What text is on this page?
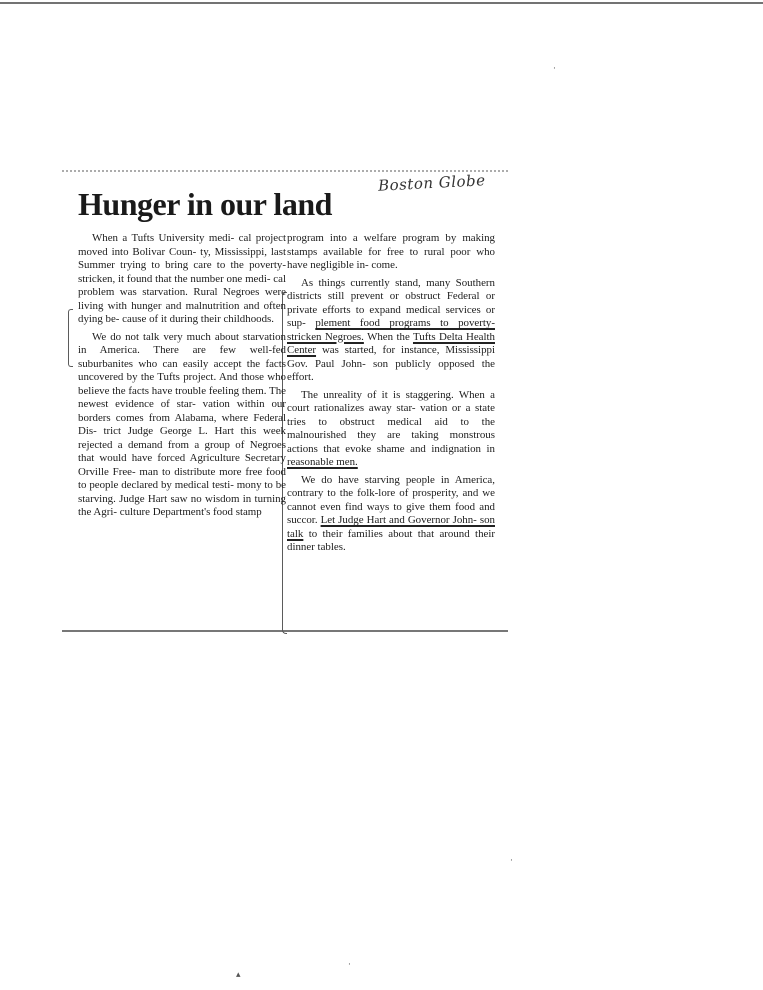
Boston Globe
Hunger in our land

When a Tufts University medi- cal project moved into Bolivar Coun- ty, Mississippi, last Summer trying to bring care to the poverty-stricken, it found that the number one medi- cal problem was starvation. Rural Negroes were living with hunger and malnutrition and often dying be- cause of it during their childhoods.

We do not talk very much about starvation in America. There are few well-fed suburbanites who can easily accept the facts uncovered by the Tufts project. And those who believe the facts have trouble feeling them. The newest evidence of star- vation within our borders comes from Alabama, where Federal Dis- trict Judge George L. Hart this week rejected a demand from a group of Negroes that would have forced Agriculture Secretary Orville Free- man to distribute more free food to people declared by medical testi- mony to be starving. Judge Hart saw no wisdom in turning the Agri- culture Department's food stamp

program into a welfare program by making stamps available for free to rural poor who have negligible in- come.

As things currently stand, many Southern districts still prevent or obstruct Federal or private efforts to expand medical services or sup- plement food programs to poverty- stricken Negroes. When the Tufts Delta Health Center was started, for instance, Mississippi Gov. Paul John- son publicly opposed the effort.

The unreality of it is staggering. When a court rationalizes away star- vation or a state tries to obstruct medical aid to the malnourished they are taking monstrous actions that evoke shame and indignation in reasonable men.

We do have starving people in America, contrary to the folk-lore of prosperity, and we cannot even find ways to give them food and succor. Let Judge Hart and Governor John- son talk to their families about that around their dinner tables.

·
·
▴
·
